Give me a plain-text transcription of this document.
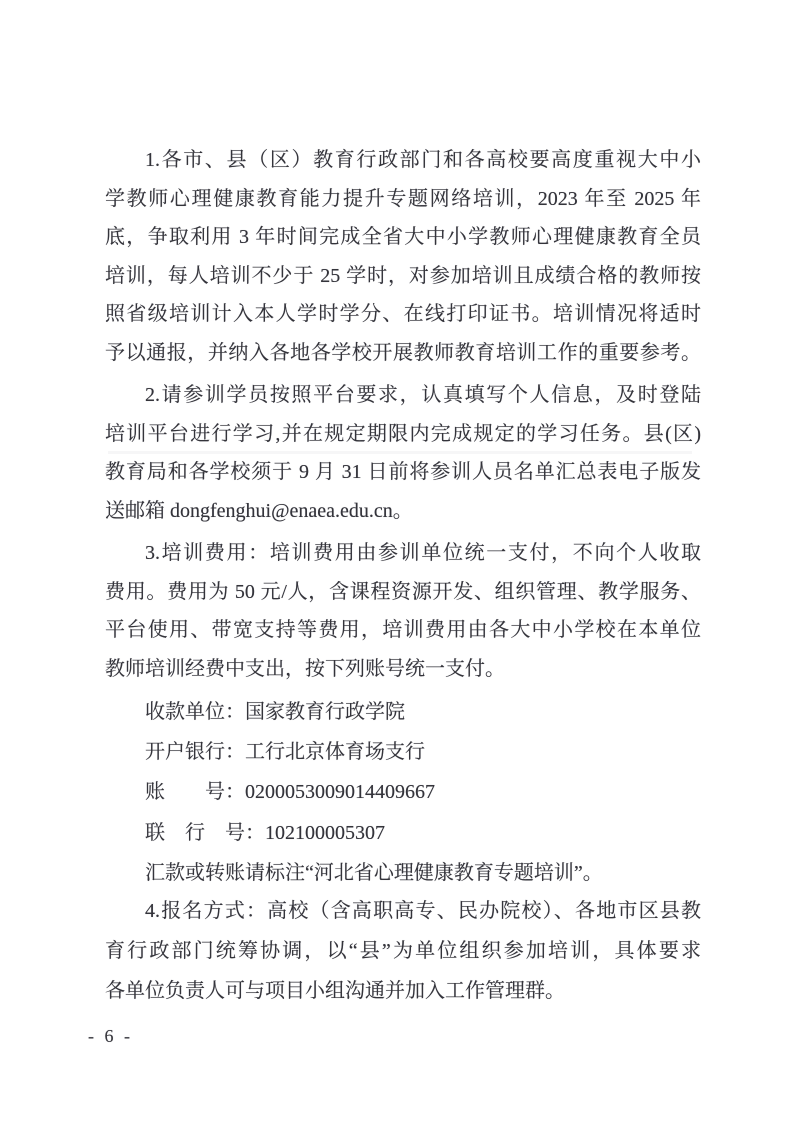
1.各市、县（区）教育行政部门和各高校要高度重视大中小
学教师心理健康教育能力提升专题网络培训，2023 年至 2025 年
底，争取利用 3 年时间完成全省大中小学教师心理健康教育全员
培训，每人培训不少于 25 学时，对参加培训且成绩合格的教师按
照省级培训计入本人学时学分、在线打印证书。培训情况将适时
予以通报，并纳入各地各学校开展教师教育培训工作的重要参考。
2.请参训学员按照平台要求，认真填写个人信息，及时登陆
培训平台进行学习,并在规定期限内完成规定的学习任务。县(区)
教育局和各学校须于 9 月 31 日前将参训人员名单汇总表电子版发
送邮箱 dongfenghui@enaea.edu.cn。
3.培训费用：培训费用由参训单位统一支付，不向个人收取
费用。费用为 50 元/人，含课程资源开发、组织管理、教学服务、
平台使用、带宽支持等费用，培训费用由各大中小学校在本单位
教师培训经费中支出，按下列账号统一支付。
收款单位：国家教育行政学院
开户银行：工行北京体育场支行
账　　号：0200053009014409667
联　行　号：102100005307
汇款或转账请标注“河北省心理健康教育专题培训”。
4.报名方式：高校（含高职高专、民办院校）、各地市区县教
育行政部门统筹协调，以“县”为单位组织参加培训，具体要求
各单位负责人可与项目小组沟通并加入工作管理群。
- 6 -
